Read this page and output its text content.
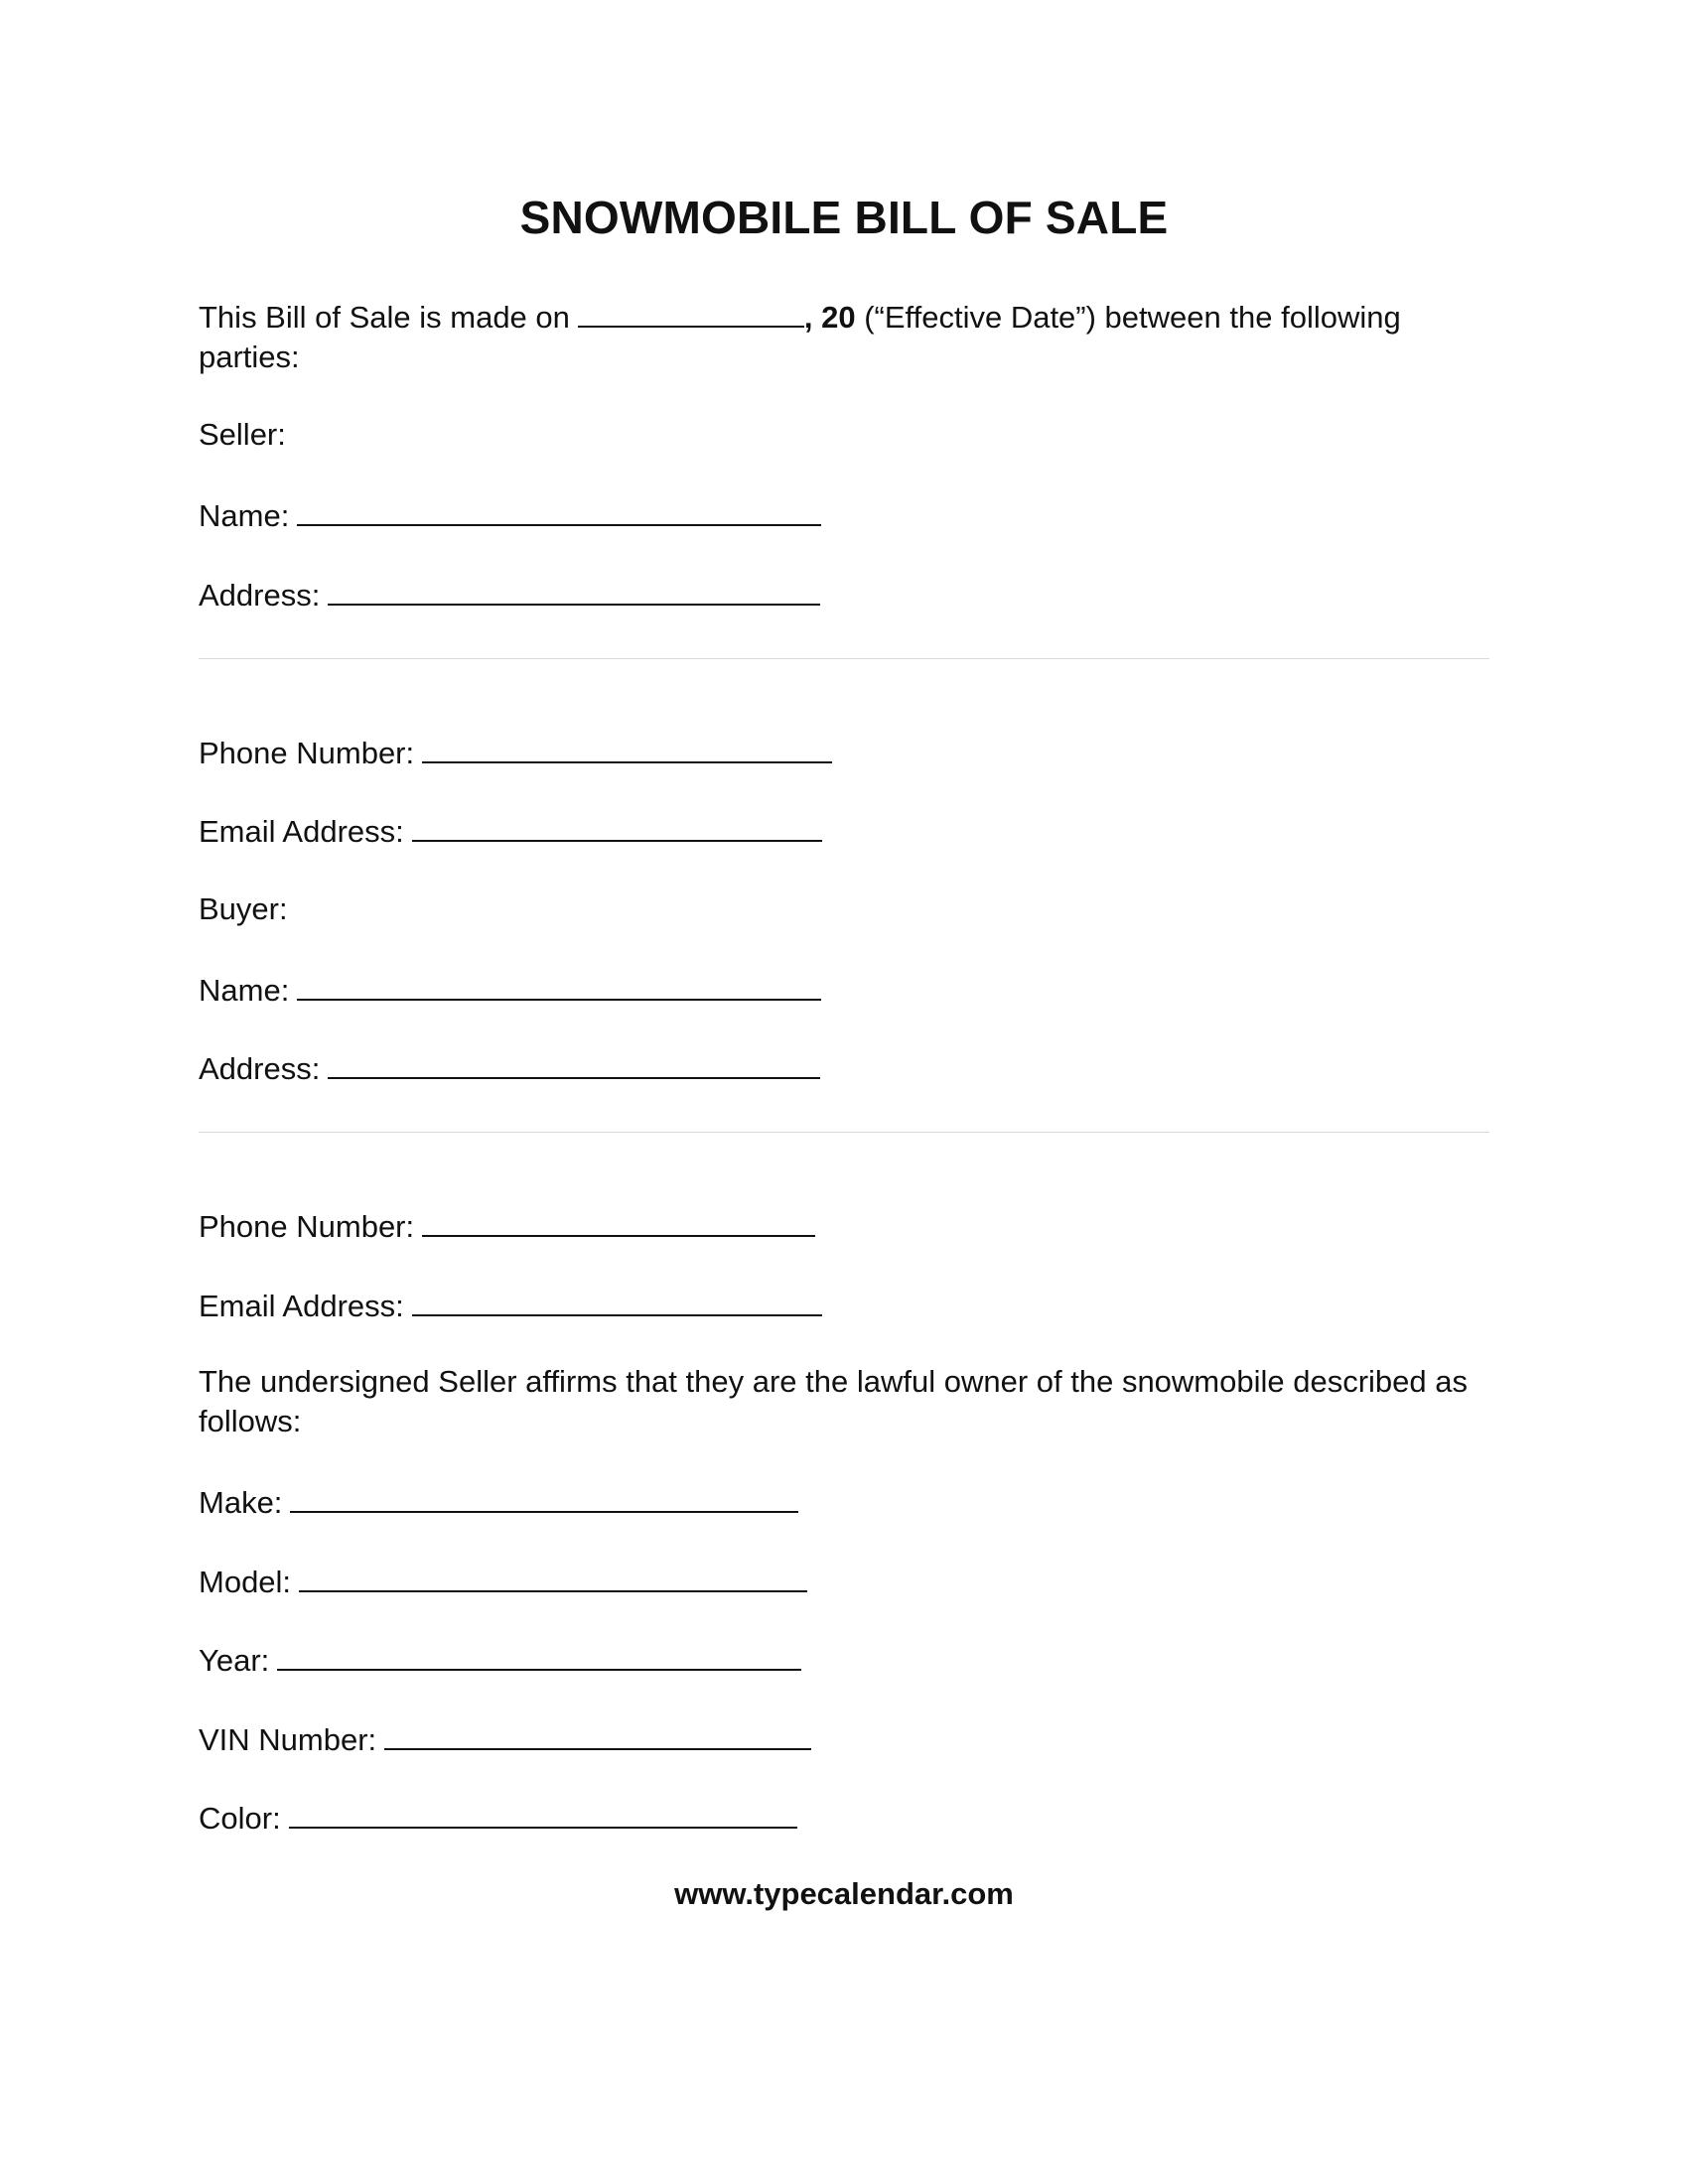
SNOWMOBILE BILL OF SALE
This Bill of Sale is made on	, 20 (“Effective Date”) between the following parties:
Seller:
Name:
Address:
Phone Number:
Email Address:
Buyer:
Name:
Address:
Phone Number:
Email Address:
The undersigned Seller affirms that they are the lawful owner of the snowmobile described as follows:
Make:
Model:
Year:
VIN Number:
Color:
www.typecalendar.com
